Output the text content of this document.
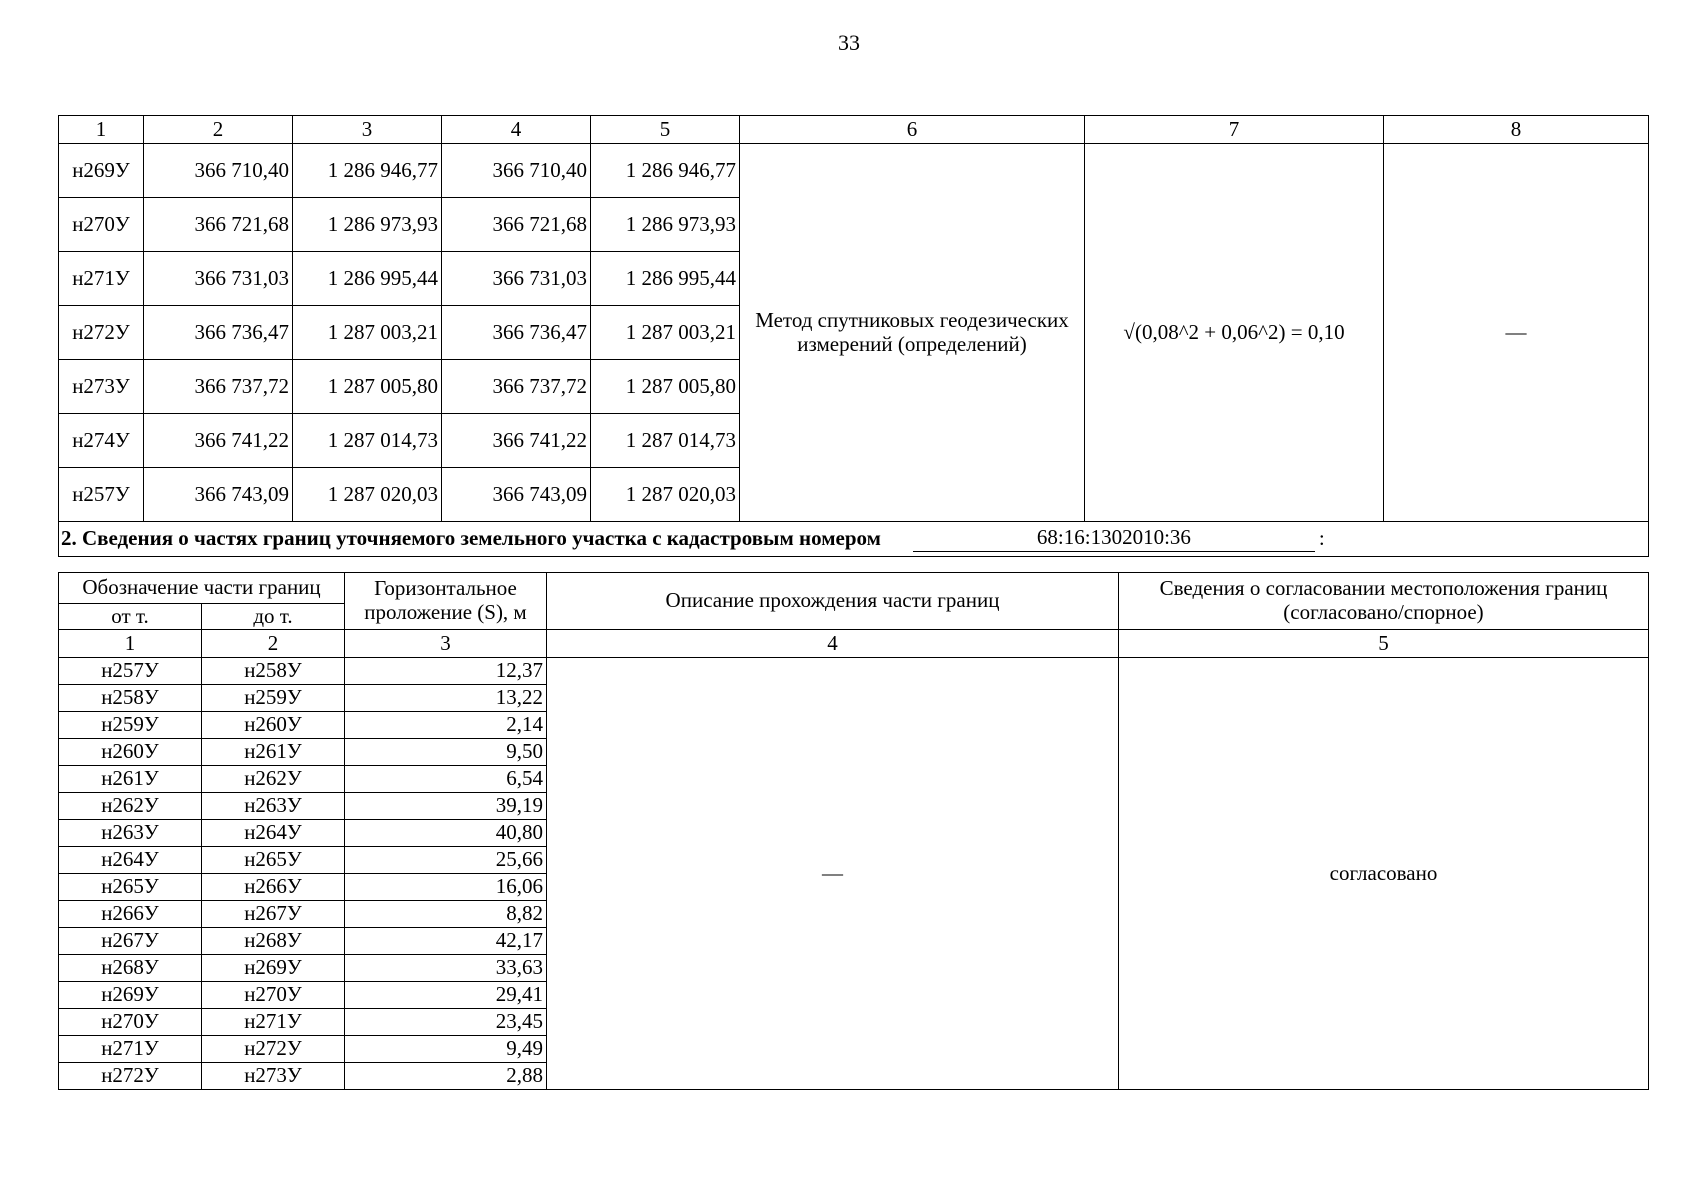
33
1	2	3	4	5	6	7	8
н269У	366 710,40	1 286 946,77	366 710,40	1 286 946,77	Метод спутниковых геодезических измерений (определений)	√(0,08^2 + 0,06^2) = 0,10	—
н270У	366 721,68	1 286 973,93	366 721,68	1 286 973,93			
н271У	366 731,03	1 286 995,44	366 731,03	1 286 995,44			
н272У	366 736,47	1 287 003,21	366 736,47	1 287 003,21			
н273У	366 737,72	1 287 005,80	366 737,72	1 287 005,80			
н274У	366 741,22	1 287 014,73	366 741,22	1 287 014,73			
н257У	366 743,09	1 287 020,03	366 743,09	1 287 020,03			

2. Сведения о частях границ уточняемого земельного участка с кадастровым номером 68:16:1302010:36 :							
Обозначение части границ		Горизонтальное проложение (S), м	Описание прохождения части границ	Сведения о согласовании местоположения границ (согласовано/спорное)
от т.	до т.			
1	2	3	4	5
н257У	н258У	12,37	—	согласовано
н258У	н259У	13,22		
н259У	н260У	2,14		
н260У	н261У	9,50		
н261У	н262У	6,54		
н262У	н263У	39,19		
н263У	н264У	40,80		
н264У	н265У	25,66		
н265У	н266У	16,06		
н266У	н267У	8,82		
н267У	н268У	42,17		
н268У	н269У	33,63		
н269У	н270У	29,41		
н270У	н271У	23,45		
н271У	н272У	9,49		
н272У	н273У	2,88		
